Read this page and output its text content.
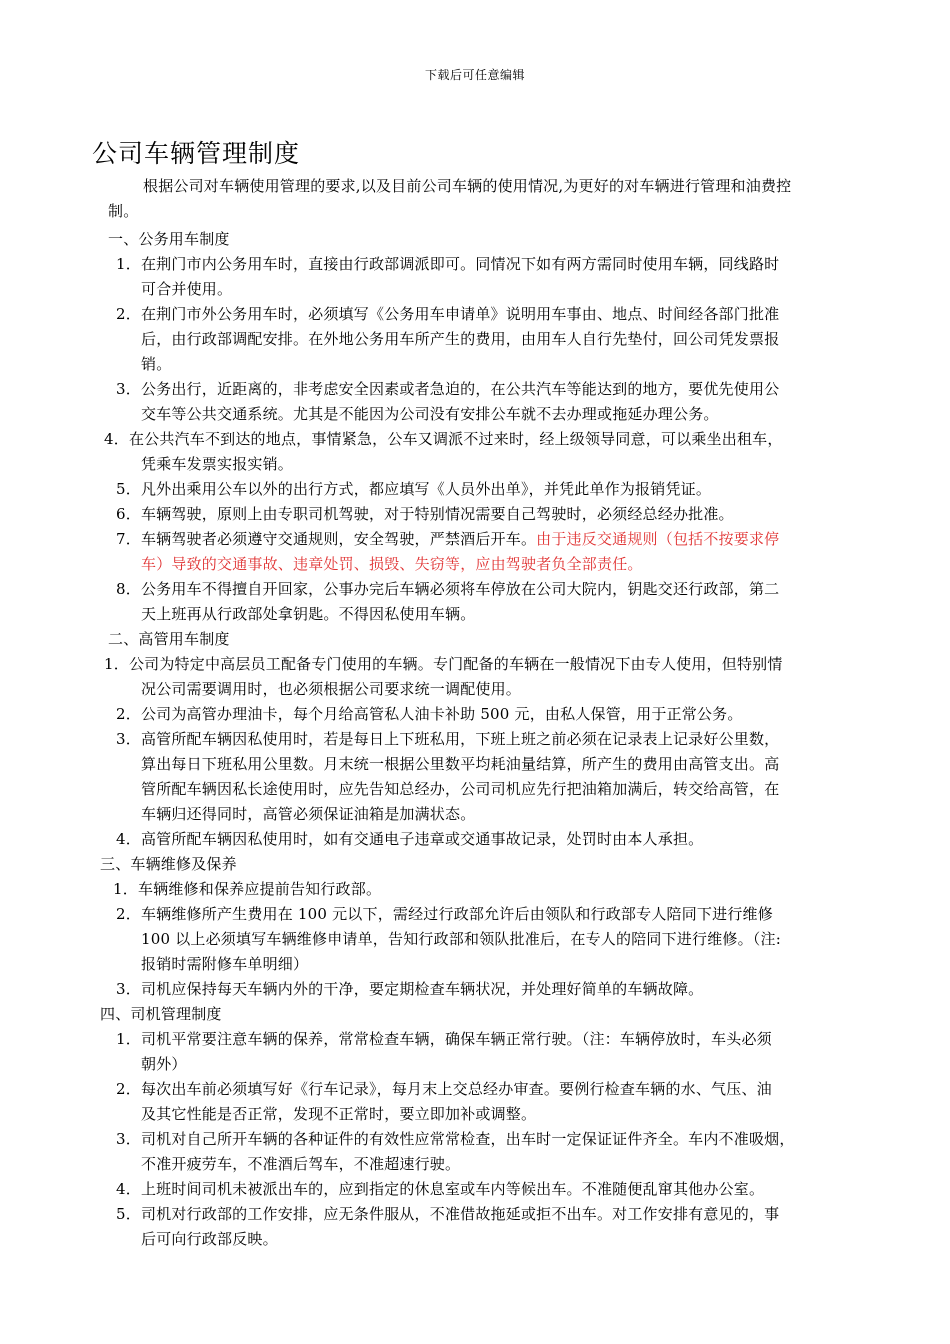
下载后可任意编辑
公司车辆管理制度
根据公司对车辆使用管理的要求,以及目前公司车辆的使用情况,为更好的对车辆进行管理和油费控
制。
一、公务用车制度
1．在荆门市内公务用车时，直接由行政部调派即可。同情况下如有两方需同时使用车辆，同线路时
可合并使用。
2．在荆门市外公务用车时，必须填写《公务用车申请单》说明用车事由、地点、时间经各部门批准
后，由行政部调配安排。在外地公务用车所产生的费用，由用车人自行先垫付，回公司凭发票报
销。
3．公务出行，近距离的，非考虑安全因素或者急迫的，在公共汽车等能达到的地方，要优先使用公
交车等公共交通系统。尤其是不能因为公司没有安排公车就不去办理或拖延办理公务。
4．在公共汽车不到达的地点，事情紧急，公车又调派不过来时，经上级领导同意，可以乘坐出租车，
凭乘车发票实报实销。
5．凡外出乘用公车以外的出行方式，都应填写《人员外出单》，并凭此单作为报销凭证。
6．车辆驾驶，原则上由专职司机驾驶，对于特别情况需要自己驾驶时，必须经总经办批准。
7．车辆驾驶者必须遵守交通规则，安全驾驶，严禁酒后开车。由于违反交通规则（包括不按要求停
车）导致的交通事故、违章处罚、损毁、失窃等，应由驾驶者负全部责任。
8．公务用车不得擅自开回家，公事办完后车辆必须将车停放在公司大院内，钥匙交还行政部，第二
天上班再从行政部处拿钥匙。不得因私使用车辆。
二、高管用车制度
1．公司为特定中高层员工配备专门使用的车辆。专门配备的车辆在一般情况下由专人使用，但特别情
况公司需要调用时，也必须根据公司要求统一调配使用。
2．公司为高管办理油卡，每个月给高管私人油卡补助 500 元，由私人保管，用于正常公务。
3．高管所配车辆因私使用时，若是每日上下班私用，下班上班之前必须在记录表上记录好公里数，
算出每日下班私用公里数。月末统一根据公里数平均耗油量结算，所产生的费用由高管支出。高
管所配车辆因私长途使用时，应先告知总经办，公司司机应先行把油箱加满后，转交给高管，在
车辆归还得同时，高管必须保证油箱是加满状态。
4．高管所配车辆因私使用时，如有交通电子违章或交通事故记录，处罚时由本人承担。
三、车辆维修及保养
1．车辆维修和保养应提前告知行政部。
2．车辆维修所产生费用在 100 元以下，需经过行政部允许后由领队和行政部专人陪同下进行维修
100 以上必须填写车辆维修申请单，告知行政部和领队批准后，在专人的陪同下进行维修。（注:
报销时需附修车单明细）
3．司机应保持每天车辆内外的干净，要定期检查车辆状况，并处理好简单的车辆故障。
四、司机管理制度
1．司机平常要注意车辆的保养，常常检查车辆，确保车辆正常行驶。（注：车辆停放时，车头必须
朝外）
2．每次出车前必须填写好《行车记录》，每月末上交总经办审查。要例行检查车辆的水、气压、油
及其它性能是否正常，发现不正常时，要立即加补或调整。
3．司机对自己所开车辆的各种证件的有效性应常常检查，出车时一定保证证件齐全。车内不准吸烟，
不准开疲劳车，不准酒后驾车，不准超速行驶。
4．上班时间司机未被派出车的，应到指定的休息室或车内等候出车。不准随便乱窜其他办公室。
5．司机对行政部的工作安排，应无条件服从，不准借故拖延或拒不出车。对工作安排有意见的，事
后可向行政部反映。
